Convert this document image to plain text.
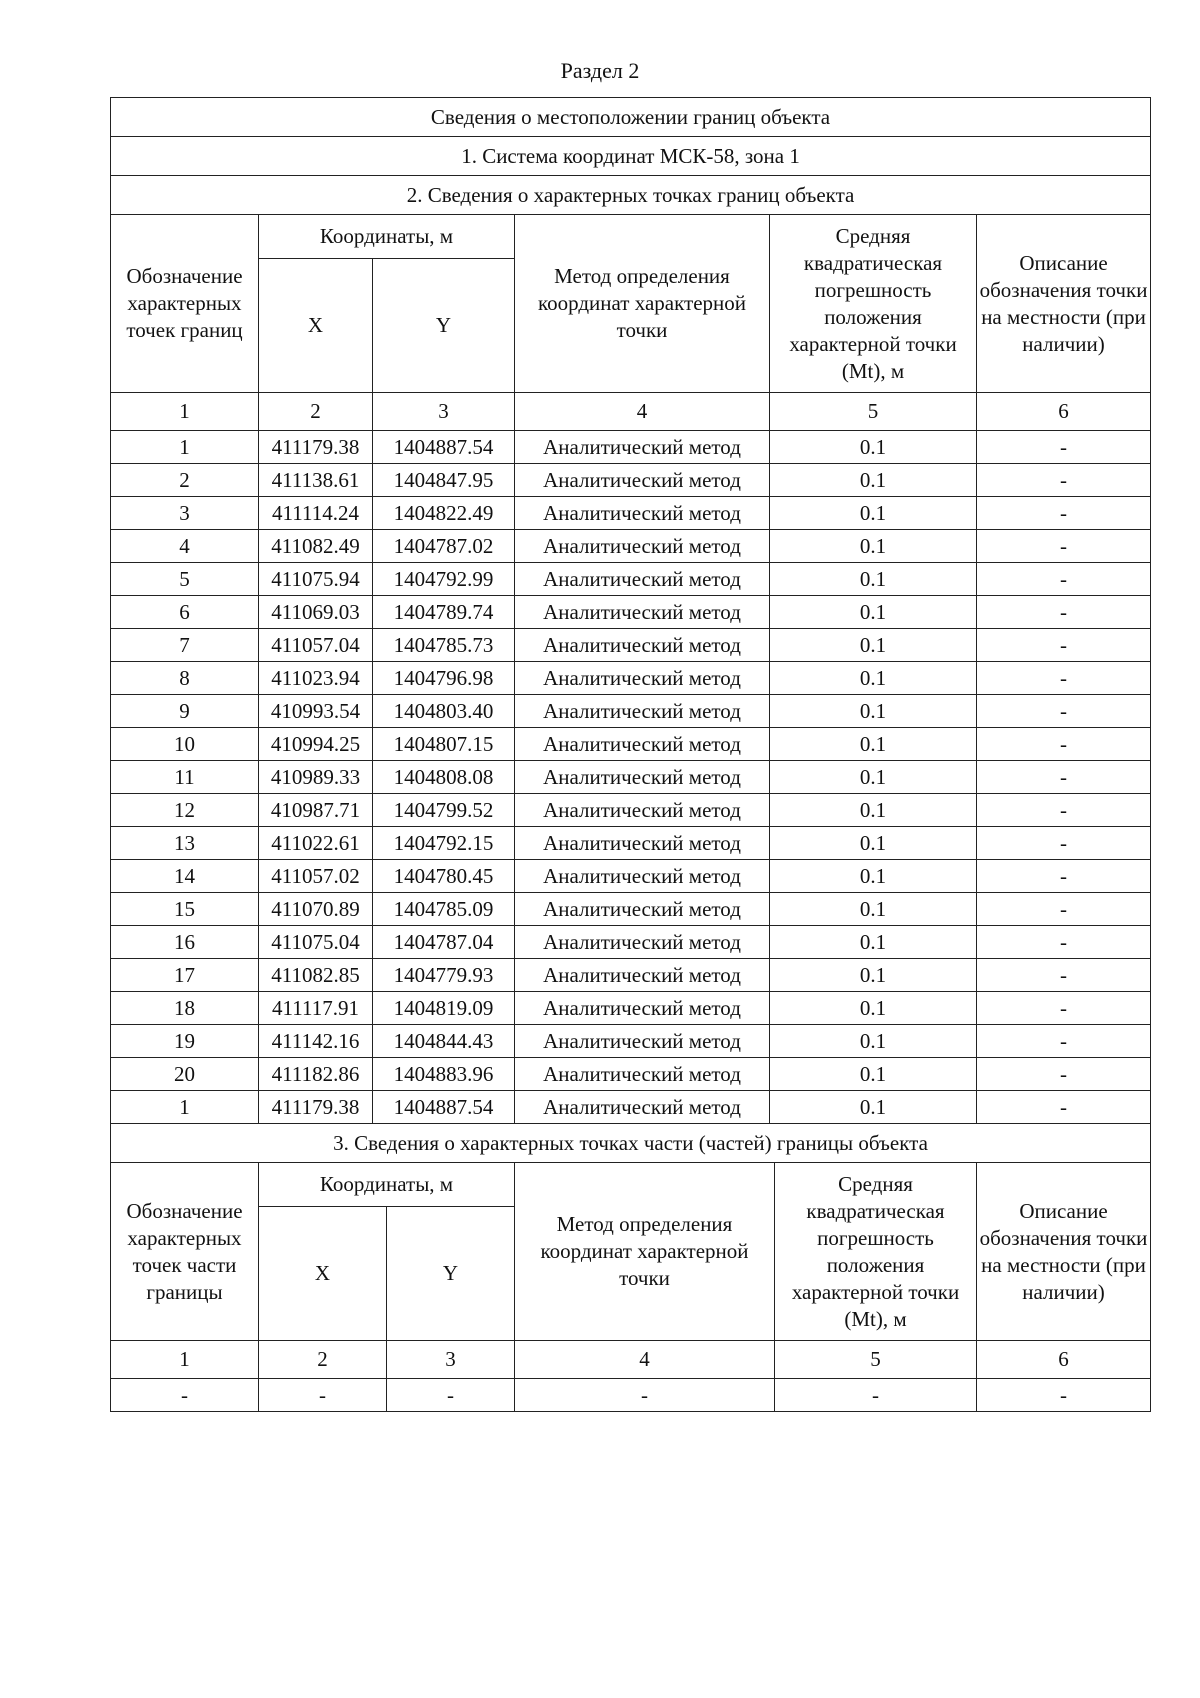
Раздел 2
Сведения о местоположении границ объекта					
1. Система координат МСК-58, зона 1					
2. Сведения о характерных точках границ объекта					
Обозначение характерных точек границ	Координаты, м		Метод определения координат характерной точки	Средняя квадратическая погрешность положения характерной точки (Mt), м	Описание обозначения точки на местности (при наличии)
	X	Y			
1	2	3	4	5	6
1	411179.38	1404887.54	Аналитический метод	0.1	-
2	411138.61	1404847.95	Аналитический метод	0.1	-
3	411114.24	1404822.49	Аналитический метод	0.1	-
4	411082.49	1404787.02	Аналитический метод	0.1	-
5	411075.94	1404792.99	Аналитический метод	0.1	-
6	411069.03	1404789.74	Аналитический метод	0.1	-
7	411057.04	1404785.73	Аналитический метод	0.1	-
8	411023.94	1404796.98	Аналитический метод	0.1	-
9	410993.54	1404803.40	Аналитический метод	0.1	-
10	410994.25	1404807.15	Аналитический метод	0.1	-
11	410989.33	1404808.08	Аналитический метод	0.1	-
12	410987.71	1404799.52	Аналитический метод	0.1	-
13	411022.61	1404792.15	Аналитический метод	0.1	-
14	411057.02	1404780.45	Аналитический метод	0.1	-
15	411070.89	1404785.09	Аналитический метод	0.1	-
16	411075.04	1404787.04	Аналитический метод	0.1	-
17	411082.85	1404779.93	Аналитический метод	0.1	-
18	411117.91	1404819.09	Аналитический метод	0.1	-
19	411142.16	1404844.43	Аналитический метод	0.1	-
20	411182.86	1404883.96	Аналитический метод	0.1	-
1	411179.38	1404887.54	Аналитический метод	0.1	-
3. Сведения о характерных точках части (частей) границы объекта					
Обозначение характерных точек части границы	Координаты, м		Метод определения координат характерной точки	Средняя квадратическая погрешность положения характерной точки (Mt), м	Описание обозначения точки на местности (при наличии)
	X	Y			
1	2	3	4	5	6
-	-	-	-	-	-
